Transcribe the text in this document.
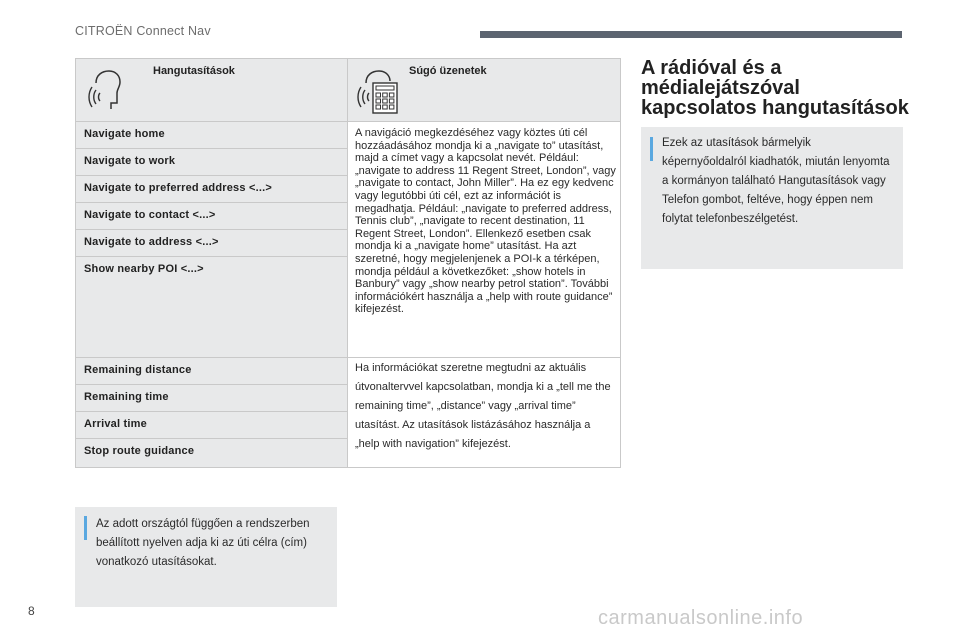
CITROËN Connect Nav
Hangutasítások	Súgó üzenetek

Navigate home	A navigáció megkezdéséhez vagy köztes úti cél hozzáadásához mondja ki a „navigate to” utasítást, majd a címet vagy a kapcsolat nevét. Például: „navigate to address 11 Regent Street, London”, vagy „navigate to contact, John Miller”. Ha ez egy kedvenc vagy legutóbbi úti cél, ezt az információt is megadhatja. Például: „navigate to preferred address, Tennis club”, „navigate to recent destination, 11 Regent Street, London”. Ellenkező esetben csak mondja ki a „navigate home” utasítást. Ha azt szeretné, hogy megjelenjenek a POI-k a térképen, mondja például a következőket: „show hotels in Banbury” vagy „show nearby petrol station”. További információkért használja a „help with route guidance” kifejezést.

Navigate to work	

Navigate to preferred address <...>	

Navigate to contact <...>	

Navigate to address <...>	

Show nearby POI <...>	

Remaining distance	Ha információkat szeretne megtudni az aktuális útvonaltervvel kapcsolatban, mondja ki a „tell me the remaining time”, „distance” vagy „arrival time” utasítást. Az utasítások listázásához használja a „help with navigation” kifejezést.

Remaining time	

Arrival time	

Stop route guidance	
Az adott országtól függően a rendszerben beállított nyelven adja ki az úti célra (cím) vonatkozó utasításokat.
A rádióval és a médialejátszóval kapcsolatos hangutasítások
Ezek az utasítások bármelyik képernyőoldalról kiadhatók, miután lenyomta a kormányon található Hangutasítások vagy Telefon gombot, feltéve, hogy éppen nem folytat telefonbeszélgetést.
8	carmanualsonline.info
